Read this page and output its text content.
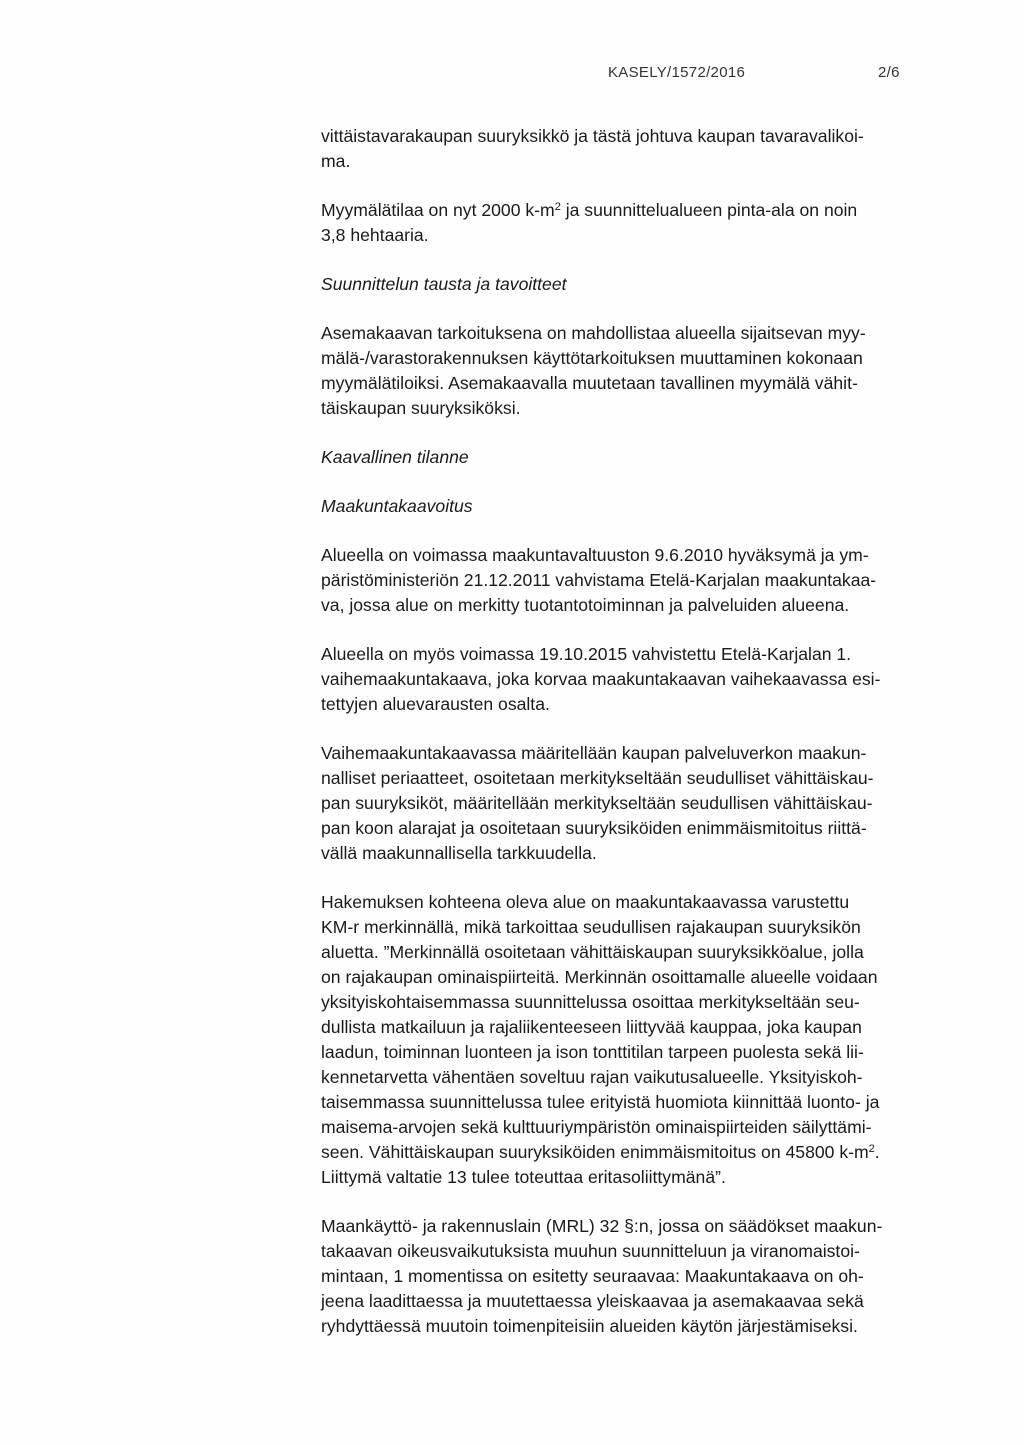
KASELY/1572/2016	2/6
vittäistavarakaupan suuryksikkö ja tästä johtuva kaupan tavaravalikoi-
ma.
Myymälätilaa on nyt 2000 $k-m^2$ ja suunnittelualueen pinta-ala on noin
3,8 hehtaaria.
Suunnittelun tausta ja tavoitteet
Asemakaavan tarkoituksena on mahdollistaa alueella sijaitsevan myy-
mälä-/varastorakennuksen käyttötarkoituksen muuttaminen kokonaan
myymälätiloiksi. Asemakaavalla muutetaan tavallinen myymälä vähit-
täiskaupan suuryksiköksi.
Kaavallinen tilanne
Maakuntakaavoitus
Alueella on voimassa maakuntavaltuuston 9.6.2010 hyväksymä ja ym-
päristöministeriön 21.12.2011 vahvistama Etelä-Karjalan maakuntakaa-
va, jossa alue on merkitty tuotantotoiminnan ja palveluiden alueena.
Alueella on myös voimassa 19.10.2015 vahvistettu Etelä-Karjalan 1.
vaihemaakuntakaava, joka korvaa maakuntakaavan vaihekaavassa esi-
tettyjen aluevarausten osalta.
Vaihemaakuntakaavassa määritellään kaupan palveluverkon maakun-
nalliset periaatteet, osoitetaan merkitykseltään seudulliset vähittäiskau-
pan suuryksiköt, määritellään merkitykseltään seudullisen vähittäiskau-
pan koon alarajat ja osoitetaan suuryksiköiden enimmäismitoitus riittä-
vällä maakunnallisella tarkkuudella.
Hakemuksen kohteena oleva alue on maakuntakaavassa varustettu
KM-r merkinnällä, mikä tarkoittaa seudullisen rajakaupan suuryksikön
aluetta. ”Merkinnällä osoitetaan vähittäiskaupan suuryksikköalue, jolla
on rajakaupan ominaispiirteitä. Merkinnän osoittamalle alueelle voidaan
yksityiskohtaisemmassa suunnittelussa osoittaa merkitykseltään seu-
dullista matkailuun ja rajaliikenteeseen liittyvää kauppaa, joka kaupan
laadun, toiminnan luonteen ja ison tonttitilan tarpeen puolesta sekä lii-
kennetarvetta vähentäen soveltuu rajan vaikutusalueelle. Yksityiskoh-
taisemmassa suunnittelussa tulee erityistä huomiota kiinnittää luonto- ja
maisema-arvojen sekä kulttuuriympäristön ominaispiirteiden säilyttämi-
seen. Vähittäiskaupan suuryksiköiden enimmäismitoitus on 45800 $k-m^2$.
Liittymä valtatie 13 tulee toteuttaa eritasoliittymänä”.
Maankäyttö- ja rakennuslain (MRL) 32 §:n, jossa on säädökset maakun-
takaavan oikeusvaikutuksista muuhun suunnitteluun ja viranomaistoi-
mintaan, 1 momentissa on esitetty seuraavaa: Maakuntakaava on oh-
jeena laadittaessa ja muutettaessa yleiskaavaa ja asemakaavaa sekä
ryhdyttäessä muutoin toimenpiteisiin alueiden käytön järjestämiseksi.
